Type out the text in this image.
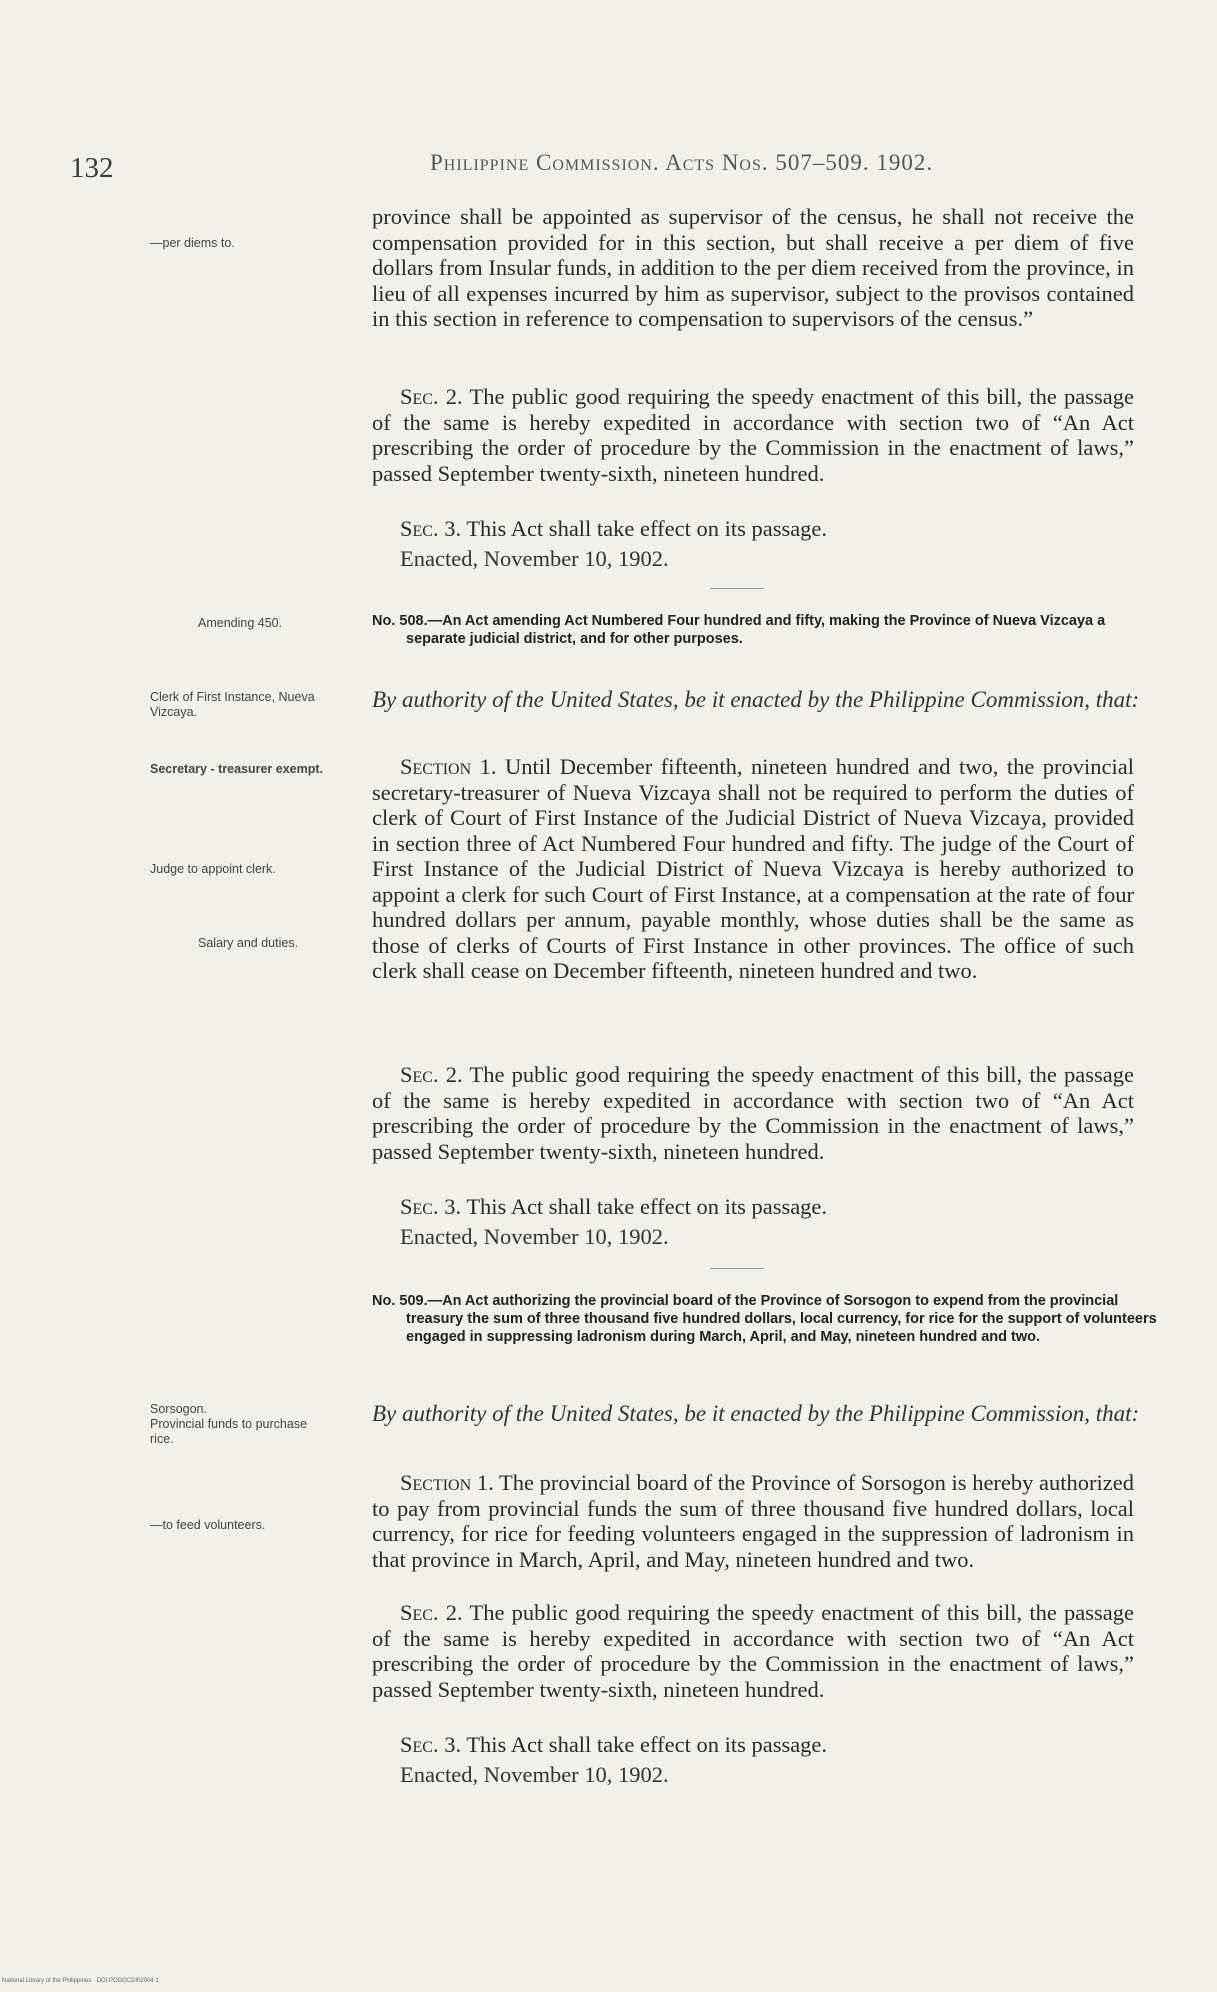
132	Philippine Commission. Acts Nos. 507–509. 1902.
—per diems to.
Amending 450.
Clerk of First Instance, Nueva Vizcaya.
Secretary - treasurer exempt.
Judge to appoint clerk.
Salary and duties.
Sorsogon.
Provincial funds to purchase rice.
—to feed volunteers.

province shall be appointed as supervisor of the census, he shall not receive the compensation provided for in this section, but shall receive a per diem of five dollars from Insular funds, in addition to the per diem received from the province, in lieu of all expenses incurred by him as supervisor, subject to the provisos contained in this section in reference to compensation to supervisors of the census.”

Sec. 2. The public good requiring the speedy enactment of this bill, the passage of the same is hereby expedited in accordance with section two of “An Act prescribing the order of procedure by the Commission in the enactment of laws,” passed September twenty-sixth, nineteen hundred.

Sec. 3. This Act shall take effect on its passage.

Enacted, November 10, 1902.

No. 508.—An Act amending Act Numbered Four hundred and fifty, making the Province of Nueva Vizcaya a separate judicial district, and for other purposes.

By authority of the United States, be it enacted by the Philippine Commission, that:

Section 1. Until December fifteenth, nineteen hundred and two, the provincial secretary-treasurer of Nueva Vizcaya shall not be required to perform the duties of clerk of Court of First Instance of the Judicial District of Nueva Vizcaya, provided in section three of Act Numbered Four hundred and fifty. The judge of the Court of First Instance of the Judicial District of Nueva Vizcaya is hereby authorized to appoint a clerk for such Court of First Instance, at a compensation at the rate of four hundred dollars per annum, payable monthly, whose duties shall be the same as those of clerks of Courts of First Instance in other provinces. The office of such clerk shall cease on December fifteenth, nineteen hundred and two.

Sec. 2. The public good requiring the speedy enactment of this bill, the passage of the same is hereby expedited in accordance with section two of “An Act prescribing the order of procedure by the Commission in the enactment of laws,” passed September twenty-sixth, nineteen hundred.

Sec. 3. This Act shall take effect on its passage.

Enacted, November 10, 1902.

No. 509.—An Act authorizing the provincial board of the Province of Sorsogon to expend from the provincial treasury the sum of three thousand five hundred dollars, local currency, for rice for the support of volunteers engaged in suppressing ladronism during March, April, and May, nineteen hundred and two.

By authority of the United States, be it enacted by the Philippine Commission, that:

Section 1. The provincial board of the Province of Sorsogon is hereby authorized to pay from provincial funds the sum of three thousand five hundred dollars, local currency, for rice for feeding volunteers engaged in the suppression of ladronism in that province in March, April, and May, nineteen hundred and two.

Sec. 2. The public good requiring the speedy enactment of this bill, the passage of the same is hereby expedited in accordance with section two of “An Act prescribing the order of procedure by the Commission in the enactment of laws,” passed September twenty-sixth, nineteen hundred.

Sec. 3. This Act shall take effect on its passage.

Enacted, November 10, 1902.
National Library of the Philippines · DOI:PODOCDI02004 1
